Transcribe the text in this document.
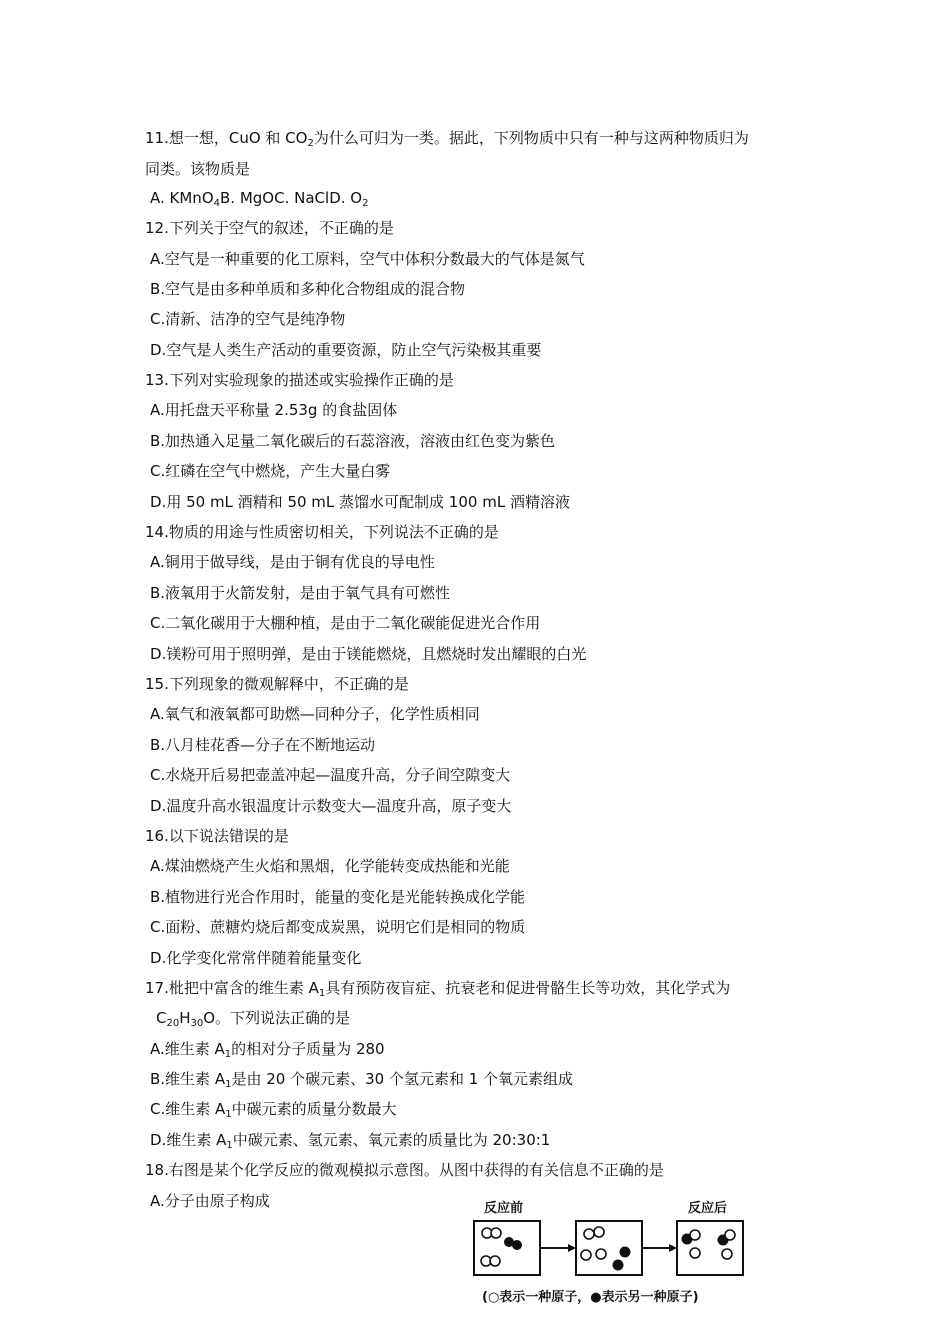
11.想一想，CuO 和 $CO_2$为什么可归为一类。据此，下列物质中只有一种与这两种物质归为
同类。该物质是
A. KMnO$_4$B. MgOC. NaClD. $O_2$
12.下列关于空气的叙述，不正确的是
A.空气是一种重要的化工原料，空气中体积分数最大的气体是氮气
B.空气是由多种单质和多种化合物组成的混合物
C.清新、洁净的空气是纯净物
D.空气是人类生产活动的重要资源，防止空气污染极其重要
13.下列对实验现象的描述或实验操作正确的是
A.用托盘天平称量 2.53g 的食盐固体
B.加热通入足量二氧化碳后的石蕊溶液，溶液由红色变为紫色
C.红磷在空气中燃烧，产生大量白雾
D.用 50 mL 酒精和 50 mL 蒸馏水可配制成 100 mL 酒精溶液
14.物质的用途与性质密切相关，下列说法不正确的是
A.铜用于做导线，是由于铜有优良的导电性
B.液氧用于火箭发射，是由于氧气具有可燃性
C.二氧化碳用于大棚种植，是由于二氧化碳能促进光合作用
D.镁粉可用于照明弹，是由于镁能燃烧，且燃烧时发出耀眼的白光
15.下列现象的微观解释中，不正确的是
A.氧气和液氧都可助燃—同种分子，化学性质相同
B.八月桂花香—分子在不断地运动
C.水烧开后易把壶盖冲起—温度升高，分子间空隙变大
D.温度升高水银温度计示数变大—温度升高，原子变大
16.以下说法错误的是
A.煤油燃烧产生火焰和黑烟，化学能转变成热能和光能
B.植物进行光合作用时，能量的变化是光能转换成化学能
C.面粉、蔗糖灼烧后都变成炭黑，说明它们是相同的物质
D.化学变化常常伴随着能量变化
17.枇把中富含的维生素 $A_1$具有预防夜盲症、抗衰老和促进骨骼生长等功效，其化学式为
$C_{20}H_{30}O$。下列说法正确的是
A.维生素 $A_1$的相对分子质量为 280
B.维生素 $A_1$是由 20 个碳元素、30 个氢元素和 1 个氧元素组成
C.维生素 $A_1$中碳元素的质量分数最大
D.维生素 $A_1$中碳元素、氢元素、氧元素的质量比为 20:30:1
18.右图是某个化学反应的微观模拟示意图。从图中获得的有关信息不正确的是
A.分子由原子构成	反应前	反应后
(○表示一种原子，●表示另一种原子)
